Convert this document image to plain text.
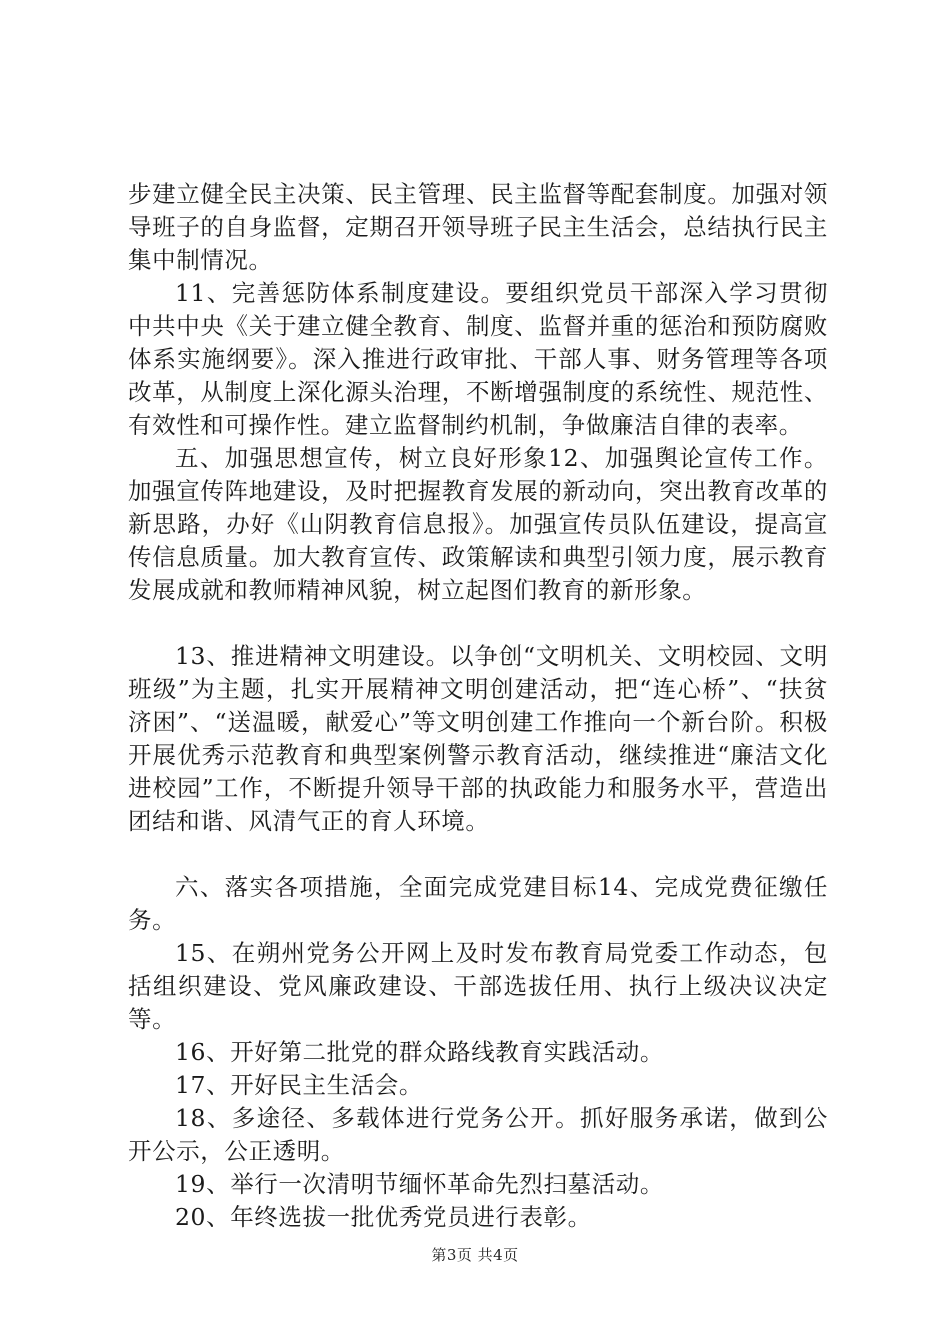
步建立健全民主决策、民主管理、民主监督等配套制度。加强对领导班子的自身监督，定期召开领导班子民主生活会，总结执行民主集中制情况。

11、完善惩防体系制度建设。要组织党员干部深入学习贯彻中共中央《关于建立健全教育、制度、监督并重的惩治和预防腐败体系实施纲要》。深入推进行政审批、干部人事、财务管理等各项改革，从制度上深化源头治理，不断增强制度的系统性、规范性、有效性和可操作性。建立监督制约机制，争做廉洁自律的表率。

五、加强思想宣传，树立良好形象12、加强舆论宣传工作。加强宣传阵地建设，及时把握教育发展的新动向，突出教育改革的新思路，办好《山阴教育信息报》。加强宣传员队伍建设，提高宣传信息质量。加大教育宣传、政策解读和典型引领力度，展示教育发展成就和教师精神风貌，树立起图们教育的新形象。

13、推进精神文明建设。以争创“文明机关、文明校园、文明班级”为主题，扎实开展精神文明创建活动，把“连心桥”、“扶贫济困”、“送温暖，献爱心”等文明创建工作推向一个新台阶。积极开展优秀示范教育和典型案例警示教育活动，继续推进“廉洁文化进校园”工作，不断提升领导干部的执政能力和服务水平，营造出团结和谐、风清气正的育人环境。

六、落实各项措施，全面完成党建目标14、完成党费征缴任务。

15、在朔州党务公开网上及时发布教育局党委工作动态，包括组织建设、党风廉政建设、干部选拔任用、执行上级决议决定等。

16、开好第二批党的群众路线教育实践活动。

17、开好民主生活会。

18、多途径、多载体进行党务公开。抓好服务承诺，做到公开公示，公正透明。

19、举行一次清明节缅怀革命先烈扫墓活动。

20、年终选拔一批优秀党员进行表彰。

第3页 共4页
